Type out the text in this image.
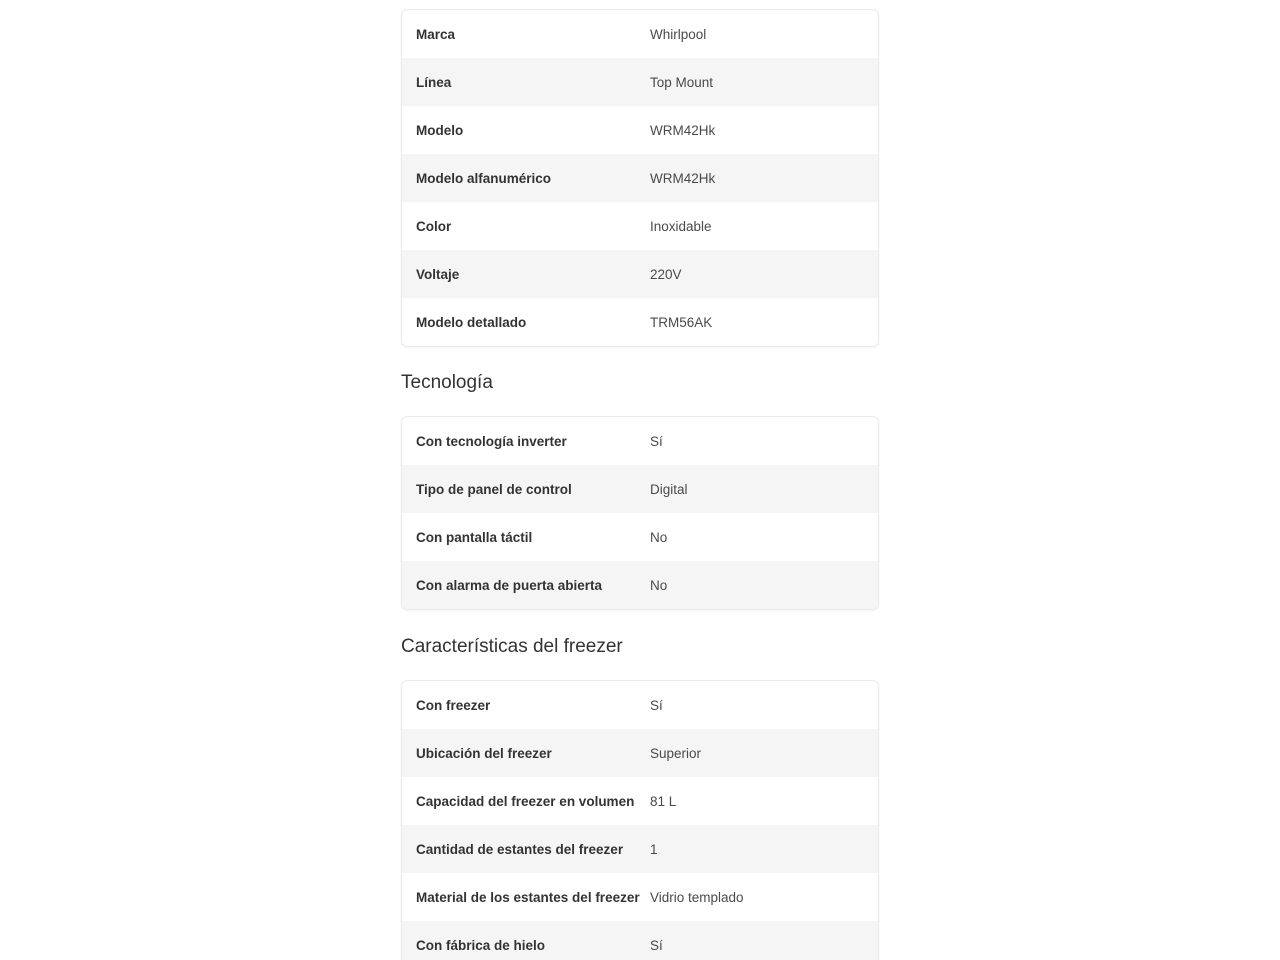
Marca	Whirlpool
Línea	Top Mount
Modelo	WRM42Hk
Modelo alfanumérico	WRM42Hk
Color	Inoxidable
Voltaje	220V
Modelo detallado	TRM56AK
Tecnología
Con tecnología inverter	Sí
Tipo de panel de control	Digital
Con pantalla táctil	No
Con alarma de puerta abierta	No
Características del freezer
Con freezer	Sí
Ubicación del freezer	Superior
Capacidad del freezer en volumen	81 L
Cantidad de estantes del freezer	1
Material de los estantes del freezer Vidrio templado
Con fábrica de hielo	Sí
